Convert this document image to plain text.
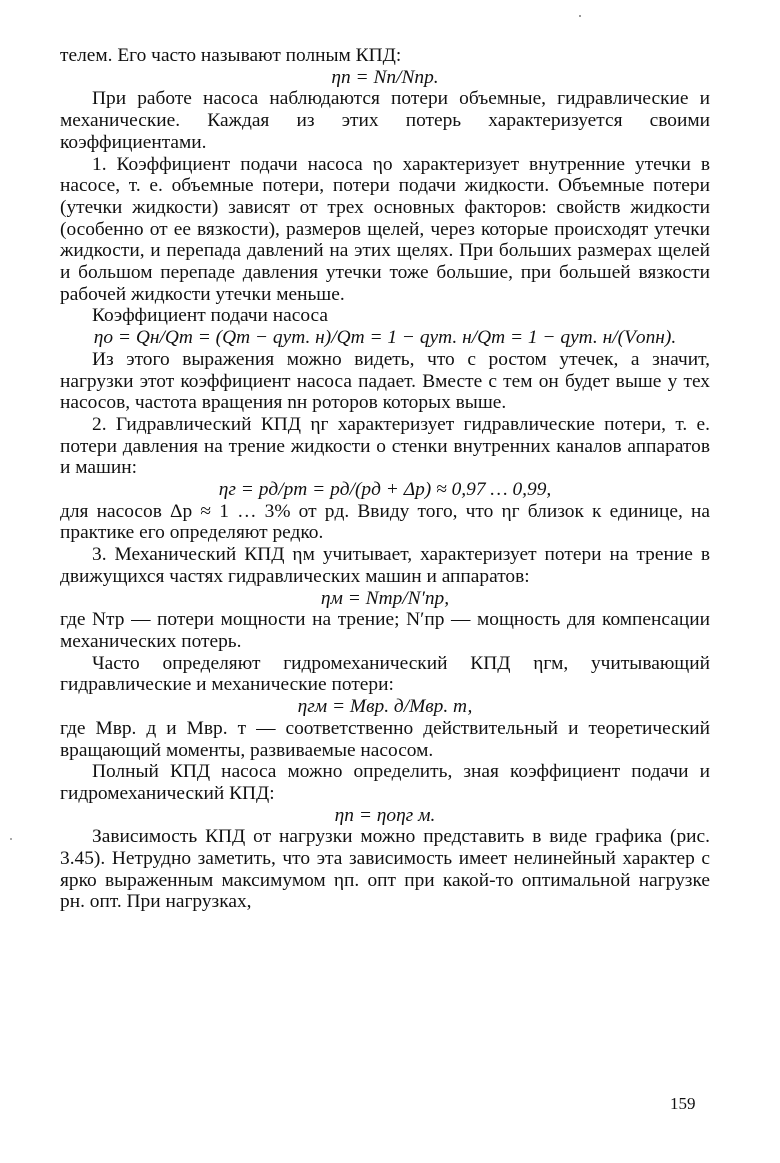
телем. Его часто называют полным КПД:

ηп = Nп/Nпр.

При работе насоса наблюдаются потери объемные, гидравлические и механические. Каждая из этих потерь характеризуется своими коэффициентами.

1. Коэффициент подачи насоса ηо характеризует внутренние утечки в насосе, т. е. объемные потери, потери подачи жидкости. Объемные потери (утечки жидкости) зависят от трех основных факторов: свойств жидкости (особенно от ее вязкости), размеров щелей, через которые происходят утечки жидкости, и перепада давлений на этих щелях. При больших размерах щелей и большом перепаде давления утечки тоже большие, при большей вязкости рабочей жидкости утечки меньше.

Коэффициент подачи насоса

ηо = Qн/Qт = (Qт − qут. н)/Qт = 1 − qут. н/Qт = 1 − qут. н/(Vоnн).

Из этого выражения можно видеть, что с ростом утечек, а значит, нагрузки этот коэффициент насоса падает. Вместе с тем он будет выше у тех насосов, частота вращения nн роторов которых выше.

2. Гидравлический КПД ηг характеризует гидравлические потери, т. е. потери давления на трение жидкости о стенки внутренних каналов аппаратов и машин:

ηг = pд/pт = pд/(pд + Δp) ≈ 0,97 … 0,99,

для насосов Δp ≈ 1 … 3% от pд. Ввиду того, что ηг близок к единице, на практике его определяют редко.

3. Механический КПД ηм учитывает, характеризует потери на трение в движущихся частях гидравлических машин и аппаратов:

ηм = Nтр/N′пр,

где Nтр — потери мощности на трение; N′пр — мощность для компенсации механических потерь.

Часто определяют гидромеханический КПД ηгм, учитывающий гидравлические и механические потери:

ηгм = Mвр. д/Mвр. т,

где Mвр. д и Mвр. т — соответственно действительный и теоретический вращающий моменты, развиваемые насосом.

Полный КПД насоса можно определить, зная коэффициент подачи и гидромеханический КПД:

ηп = ηоηг м.

Зависимость КПД от нагрузки можно представить в виде графика (рис. 3.45). Нетрудно заметить, что эта зависимость имеет нелинейный характер с ярко выраженным максимумом ηп. опт при какой-то оптимальной нагрузке pн. опт. При нагрузках,

159
